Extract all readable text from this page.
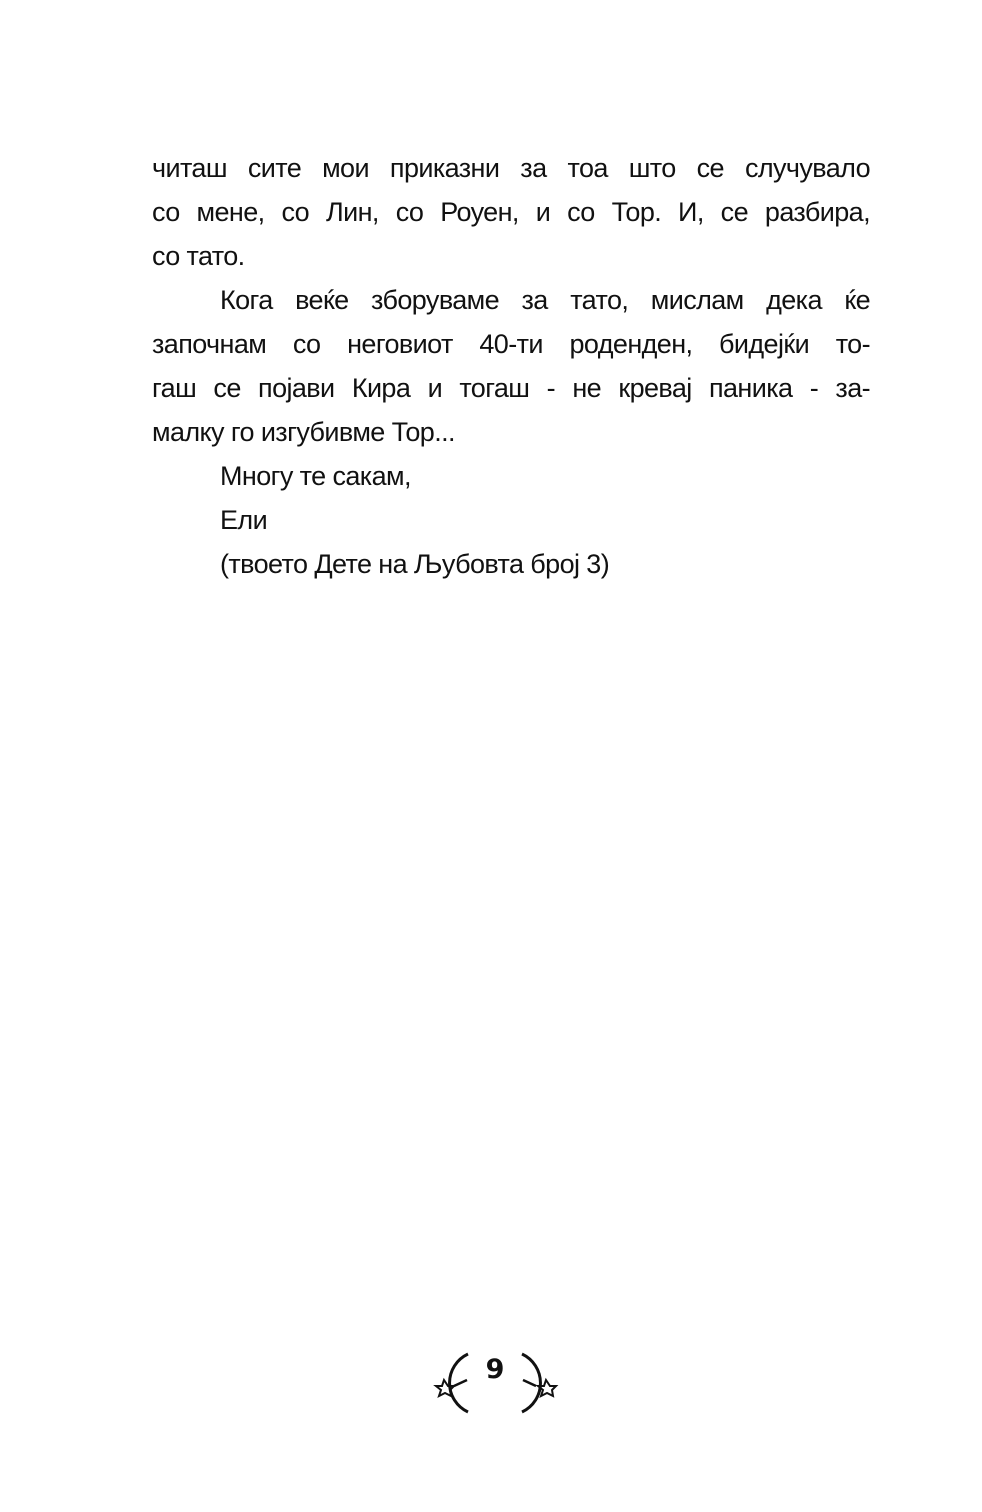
читаш сите мои приказни за тоа што се случувало
со мене, со Лин, со Роуен, и со Тор. И, се разбира,
со тато.
Кога веќе зборуваме за тато, мислам дека ќе
започнам со неговиот 40-ти роденден, бидејќи то-
гаш се појави Кира и тогаш - не кревај паника - за-
малку го изгубивме Тор...
Многу те сакам,
Ели
(твоето Дете на Љубовта број 3)
9
